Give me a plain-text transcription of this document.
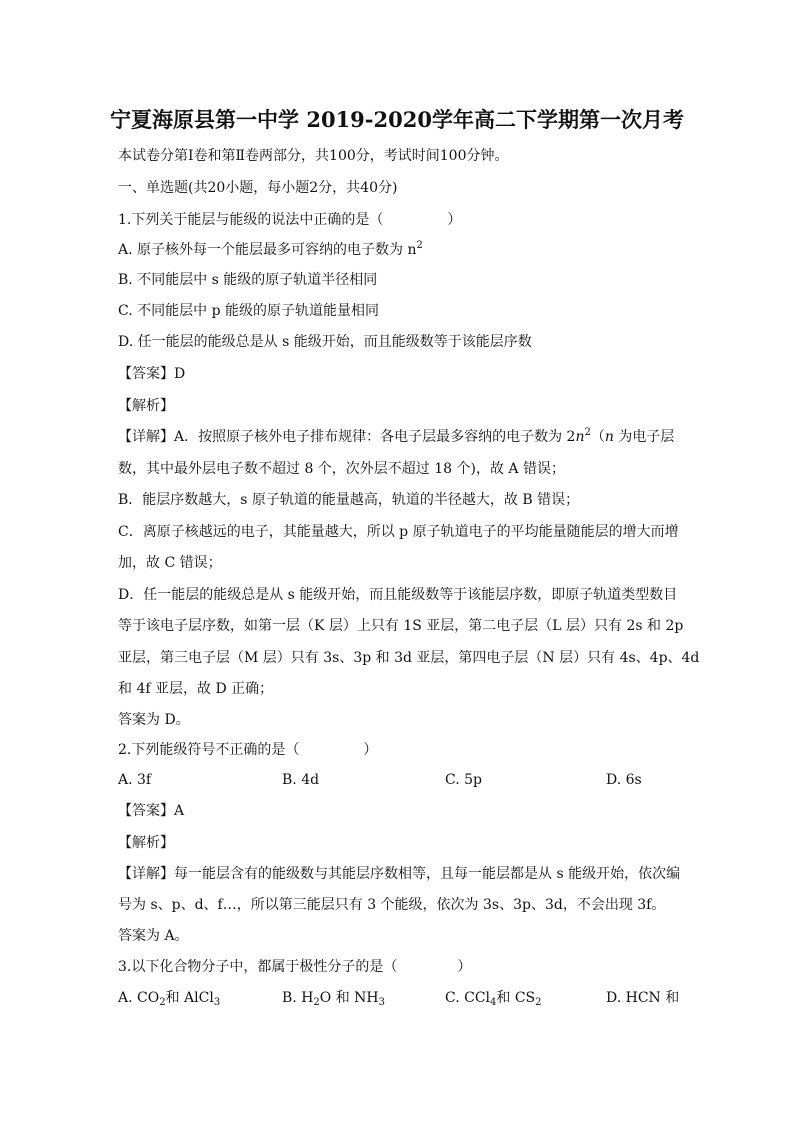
宁夏海原县第一中学 2019-2020学年高二下学期第一次月考
本试卷分第Ⅰ卷和第Ⅱ卷两部分，共100分，考试时间100分钟。
一、单选题(共20小题，每小题2分，共40分)
1.下列关于能层与能级的说法中正确的是（	）
A. 原子核外每一个能层最多可容纳的电子数为 $n^2$
B. 不同能层中 s 能级的原子轨道半径相同
C. 不同能层中 p 能级的原子轨道能量相同
D. 任一能层的能级总是从 s 能级开始，而且能级数等于该能层序数
【答案】D
【解析】
【详解】A．按照原子核外电子排布规律：各电子层最多容纳的电子数为 $2n^2(n$ 为电子层
数，其中最外层电子数不超过 8 个，次外层不超过 18 个)，故 A 错误；
B．能层序数越大，s 原子轨道的能量越高，轨道的半径越大，故 B 错误；
C．离原子核越远的电子，其能量越大，所以 p 原子轨道电子的平均能量随能层的增大而增
加，故 C 错误；
D．任一能层的能级总是从 s 能级开始，而且能级数等于该能层序数，即原子轨道类型数目
等于该电子层序数，如第一层（K 层）上只有 1S 亚层，第二电子层（L 层）只有 2s 和 2p
亚层，第三电子层（M 层）只有 3s、3p 和 3d 亚层，第四电子层（N 层）只有 4s、4p、4d
和 4f 亚层，故 D 正确；
答案为 D。
2.下列能级符号不正确的是（	）
A. 3f	B. 4d	C. 5p	D. 6s
【答案】A
【解析】
【详解】每一能层含有的能级数与其能层序数相等，且每一能层都是从 s 能级开始，依次编
号为 s、p、d、f…，所以第三能层只有 3 个能级，依次为 3s、3p、3d，不会出现 3f。
答案为 A。
3.以下化合物分子中，都属于极性分子的是（	）
A. $CO_2$和 AlCl$_3$	B. $H_2O$ 和 $NH_3$	C. CCl$_4$和 $CS_2$	D. HCN 和
